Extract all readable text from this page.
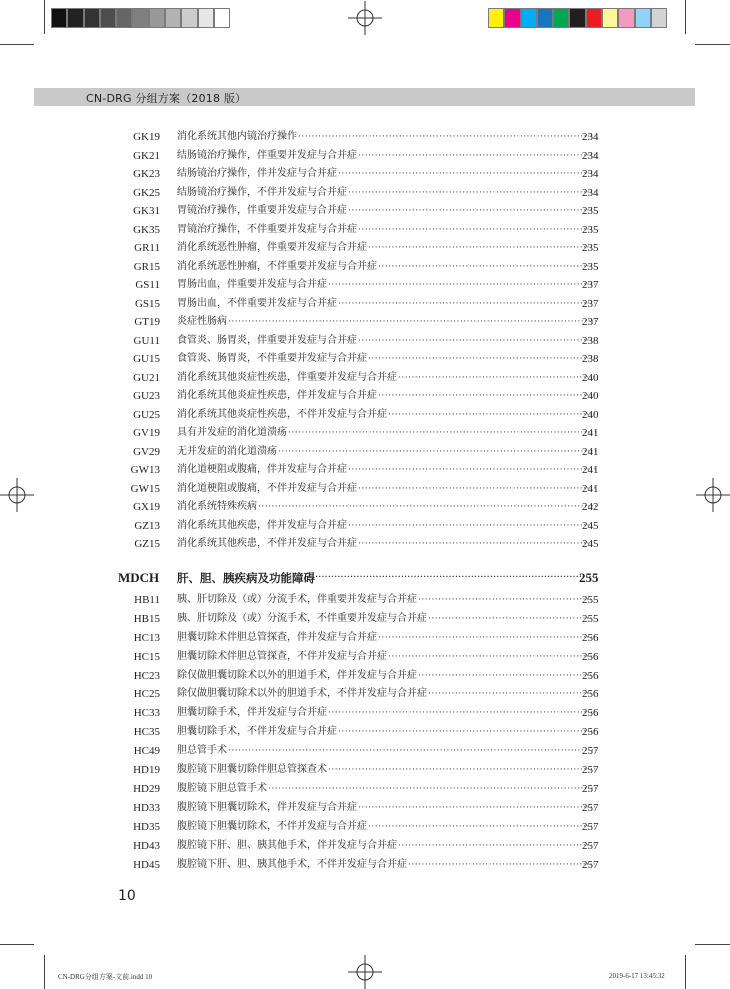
CN-DRG 分组方案（2018 版）
GK19 消化系统其他内镜治疗操作 ·····	234
GK21 结肠镜治疗操作，伴重要并发症与合并症 ·····	234
GK23 结肠镜治疗操作，伴并发症与合并症 ·····	234
GK25 结肠镜治疗操作，不伴并发症与合并症 ·····	234
GK31 胃镜治疗操作，伴重要并发症与合并症 ·····	235
GK35 胃镜治疗操作，不伴重要并发症与合并症 ·····	235
GR11 消化系统恶性肿瘤，伴重要并发症与合并症 ·····	235
GR15 消化系统恶性肿瘤，不伴重要并发症与合并症 ·····	235
GS11 胃肠出血，伴重要并发症与合并症 ·····	237
GS15 胃肠出血，不伴重要并发症与合并症 ·····	237
GT19 炎症性肠病 ·····	237
GU11 食管炎、肠胃炎，伴重要并发症与合并症 ·····	238
GU15 食管炎、肠胃炎，不伴重要并发症与合并症 ·····	238
GU21 消化系统其他炎症性疾患，伴重要并发症与合并症 ·····	240
GU23 消化系统其他炎症性疾患，伴并发症与合并症 ·····	240
GU25 消化系统其他炎症性疾患，不伴并发症与合并症 ·····	240
GV19 具有并发症的消化道溃疡 ·····	241
GV29 无并发症的消化道溃疡 ·····	241
GW13 消化道梗阻或腹痛，伴并发症与合并症 ·····	241
GW15 消化道梗阻或腹痛，不伴并发症与合并症 ·····	241
GX19 消化系统特殊疾病 ·····	242
GZ13 消化系统其他疾患，伴并发症与合并症 ·····	245
GZ15 消化系统其他疾患，不伴并发症与合并症 ·····	245
MDCH 肝、胆、胰疾病及功能障碍 ·····	255
HB11 胰、肝切除及（或）分流手术，伴重要并发症与合并症 ·····	255
HB15 胰、肝切除及（或）分流手术，不伴重要并发症与合并症 ·····	255
HC13 胆囊切除术伴胆总管探查，伴并发症与合并症 ·····	256
HC15 胆囊切除术伴胆总管探查，不伴并发症与合并症 ·····	256
HC23 除仅做胆囊切除术以外的胆道手术，伴并发症与合并症 ·····	256
HC25 除仅做胆囊切除术以外的胆道手术，不伴并发症与合并症 ·····	256
HC33 胆囊切除手术，伴并发症与合并症 ·····	256
HC35 胆囊切除手术，不伴并发症与合并症 ·····	256
HC49 胆总管手术 ·····	257
HD19 腹腔镜下胆囊切除伴胆总管探查术 ·····	257
HD29 腹腔镜下胆总管手术 ·····	257
HD33 腹腔镜下胆囊切除术，伴并发症与合并症 ·····	257
HD35 腹腔镜下胆囊切除术，不伴并发症与合并症 ·····	257
HD43 腹腔镜下肝、胆、胰其他手术，伴并发症与合并症 ·····	257
HD45 腹腔镜下肝、胆、胰其他手术，不伴并发症与合并症 ·····	257
10
CN-DRG分组方案-文前.indd 10	2019-6-17 13:45:32
